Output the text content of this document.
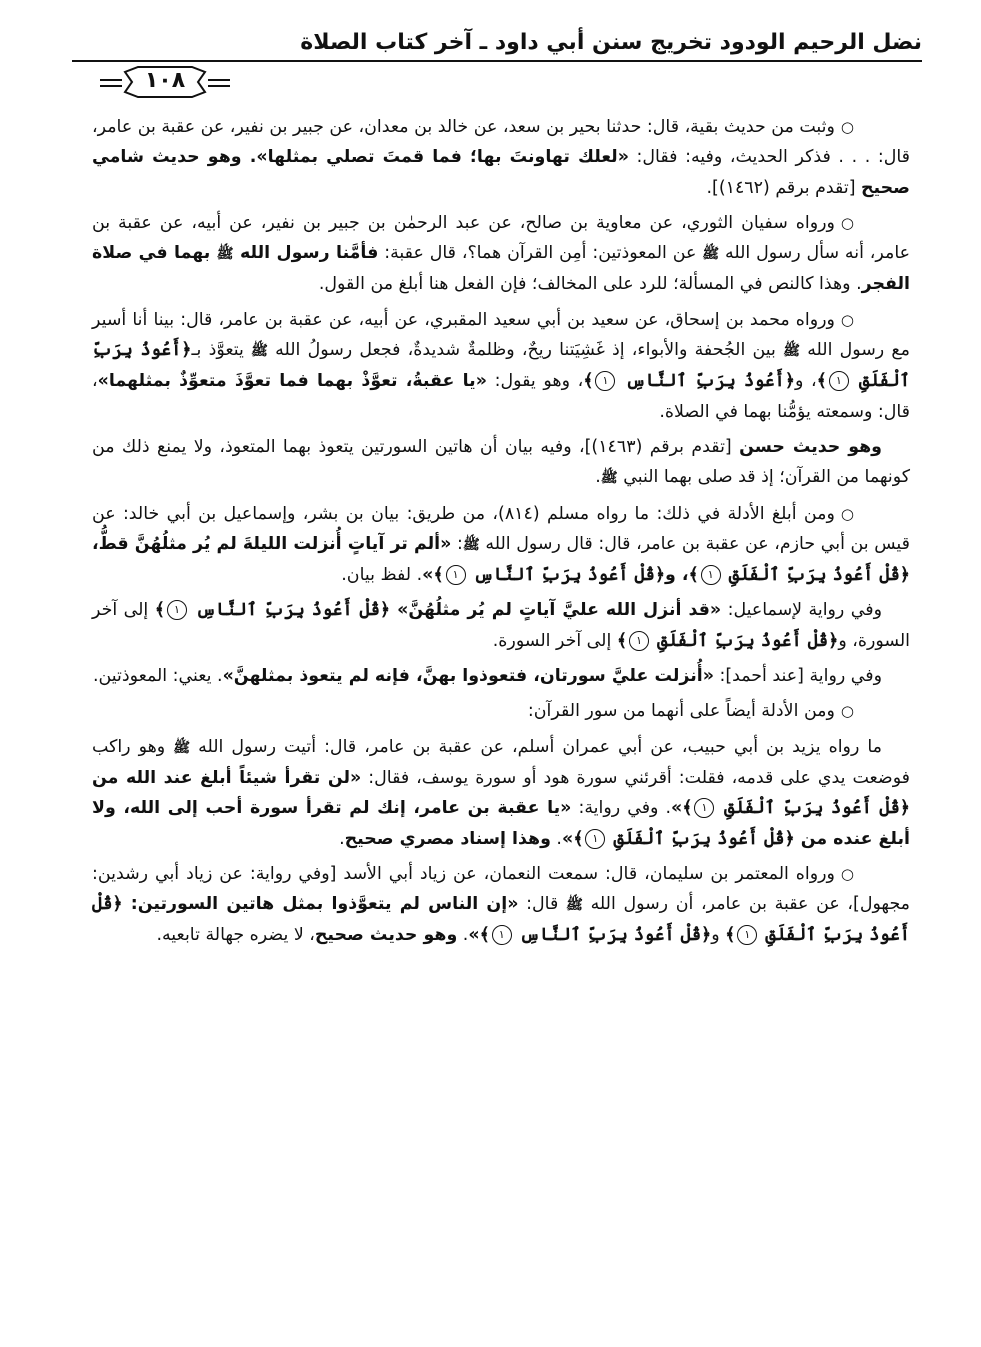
نضل الرحيم الودود تخريج سنن أبي داود ـ آخر كتاب الصلاة
١٠٨

○وثبت من حديث بقية، قال: حدثنا بحير بن سعد، عن خالد بن معدان، عن جبير بن نفير، عن عقبة بن عامر، قال: . . . فذكر الحديث، وفيه: فقال: «لعلك تهاونتَ بها؛ فما قمتَ تصلي بمثلها». وهو حديث شامي صحيح [تقدم برقم (١٤٦٢)].

○ورواه سفيان الثوري، عن معاوية بن صالح، عن عبد الرحمٰن بن جبير بن نفير، عن أبيه، عن عقبة بن عامر، أنه سأل رسول الله ﷺ عن المعوذتين: أمِن القرآن هما؟، قال عقبة: فأمَّنا رسول الله ﷺ بهما في صلاة الفجر. وهذا كالنص في المسألة؛ للرد على المخالف؛ فإن الفعل هنا أبلغ من القول.

○ورواه محمد بن إسحاق، عن سعيد بن أبي سعيد المقبري، عن أبيه، عن عقبة بن عامر، قال: بينا أنا أسير مع رسول الله ﷺ بين الجُحفة والأبواء، إذ غَشِيَتنا ريحٌ، وظلمةٌ شديدةٌ، فجعل رسولُ الله ﷺ يتعوَّذ بـ﴿أَعُوذُ بِرَبِّ ٱلْفَلَقِ ١﴾، و﴿أَعُوذُ بِرَبِّ ٱلنَّاسِ ١﴾، وهو يقول: «يا عقبةُ، تعوَّذْ بهما فما تعوَّذَ متعوِّذٌ بمثلهما»، قال: وسمعته يؤمُّنا بهما في الصلاة.

وهو حديث حسن [تقدم برقم (١٤٦٣)]، وفيه بيان أن هاتين السورتين يتعوذ بهما المتعوذ، ولا يمنع ذلك من كونهما من القرآن؛ إذ قد صلى بهما النبي ﷺ.

○ومن أبلغ الأدلة في ذلك: ما رواه مسلم (٨١٤)، من طريق: بيان بن بشر، وإسماعيل بن أبي خالد: عن قيس بن أبي حازم، عن عقبة بن عامر، قال: قال رسول الله ﷺ: «ألم تر آياتٍ أُنزلت الليلةَ لم يُر مثلُهُنَّ قطُّ، ﴿قُلْ أَعُوذُ بِرَبِّ ٱلْفَلَقِ ١﴾، و﴿قُلْ أَعُوذُ بِرَبِّ ٱلنَّاسِ ١﴾». لفظ بيان.

وفي رواية لإسماعيل: «قد أنزل الله عليَّ آياتٍ لم يُر مثلُهُنَّ» ﴿قُلْ أَعُوذُ بِرَبِّ ٱلنَّاسِ ١﴾ إلى آخر السورة، و﴿قُلْ أَعُوذُ بِرَبِّ ٱلْفَلَقِ ١﴾ إلى آخر السورة.

وفي رواية [عند أحمد]: «أُنزلت عليَّ سورتان، فتعوذوا بهنَّ، فإنه لم يتعوذ بمثلهنَّ». يعني: المعوذتين.

○ومن الأدلة أيضاً على أنهما من سور القرآن:

ما رواه يزيد بن أبي حبيب، عن أبي عمران أسلم، عن عقبة بن عامر، قال: أتيت رسول الله ﷺ وهو راكب فوضعت يدي على قدمه، فقلت: أقرئني سورة هود أو سورة يوسف، فقال: «لن تقرأ شيئاً أبلغ عند الله من ﴿قُلْ أَعُوذُ بِرَبِّ ٱلْفَلَقِ ١﴾». وفي رواية: «يا عقبة بن عامر، إنك لم تقرأ سورة أحب إلى الله، ولا أبلغ عنده من ﴿قُلْ أَعُوذُ بِرَبِّ ٱلْفَلَقِ ١﴾». وهذا إسناد مصري صحيح.

○ورواه المعتمر بن سليمان، قال: سمعت النعمان، عن زياد أبي الأسد [وفي رواية: عن زياد أبي رشدين: مجهول]، عن عقبة بن عامر، أن رسول الله ﷺ قال: «إن الناس لم يتعوَّذوا بمثل هاتين السورتين: ﴿قُلْ أَعُوذُ بِرَبِّ ٱلْفَلَقِ ١﴾ و﴿قُلْ أَعُوذُ بِرَبِّ ٱلنَّاسِ ١﴾». وهو حديث صحيح، لا يضره جهالة تابعيه.
